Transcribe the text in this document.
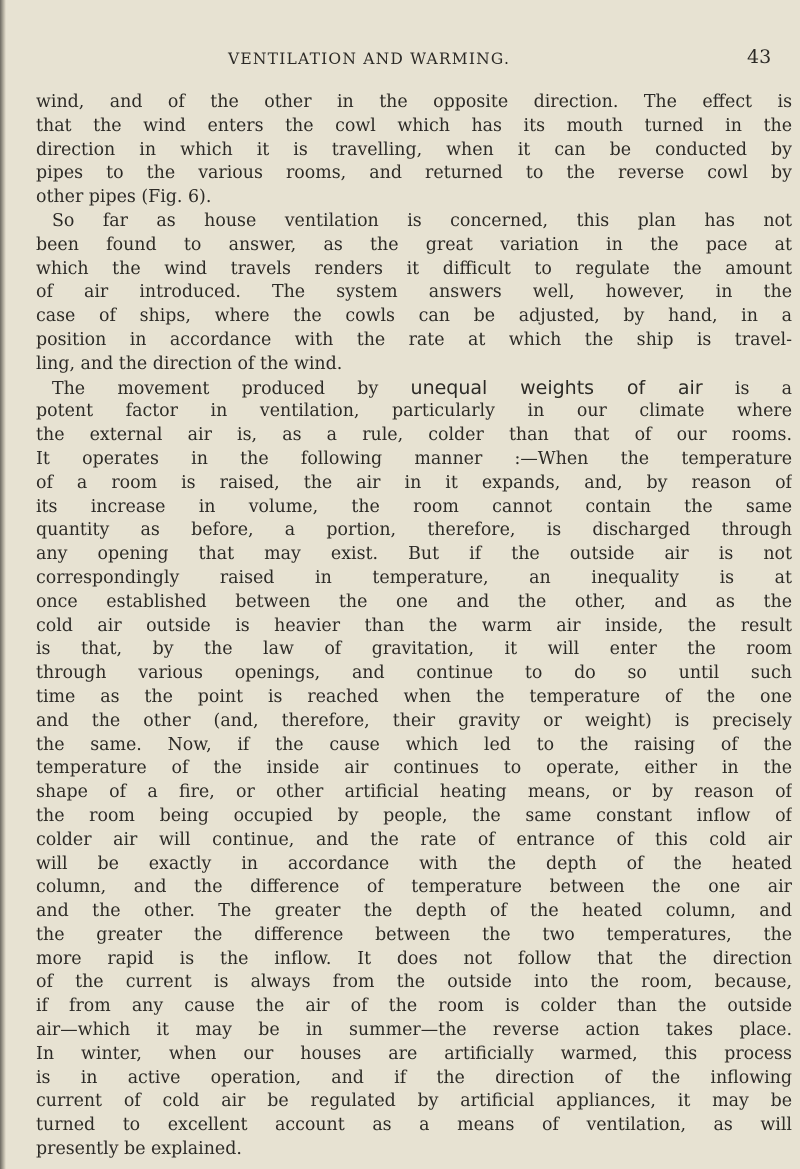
VENTILATION AND WARMING.	43
wind, and of the other in the opposite direction. The effect is
that the wind enters the cowl which has its mouth turned in the
direction in which it is travelling, when it can be conducted by
pipes to the various rooms, and returned to the reverse cowl by
other pipes (Fig. 6).
So far as house ventilation is concerned, this plan has not
been found to answer, as the great variation in the pace at
which the wind travels renders it difficult to regulate the amount
of air introduced. The system answers well, however, in the
case of ships, where the cowls can be adjusted, by hand, in a
position in accordance with the rate at which the ship is travel-
ling, and the direction of the wind.
The movement produced by unequal weights of air is a
potent factor in ventilation, particularly in our climate where
the external air is, as a rule, colder than that of our rooms.
It operates in the following manner :—When the temperature
of a room is raised, the air in it expands, and, by reason of
its increase in volume, the room cannot contain the same
quantity as before, a portion, therefore, is discharged through
any opening that may exist. But if the outside air is not
correspondingly raised in temperature, an inequality is at
once established between the one and the other, and as the
cold air outside is heavier than the warm air inside, the result
is that, by the law of gravitation, it will enter the room
through various openings, and continue to do so until such
time as the point is reached when the temperature of the one
and the other (and, therefore, their gravity or weight) is precisely
the same. Now, if the cause which led to the raising of the
temperature of the inside air continues to operate, either in the
shape of a fire, or other artificial heating means, or by reason of
the room being occupied by people, the same constant inflow of
colder air will continue, and the rate of entrance of this cold air
will be exactly in accordance with the depth of the heated
column, and the difference of temperature between the one air
and the other. The greater the depth of the heated column, and
the greater the difference between the two temperatures, the
more rapid is the inflow. It does not follow that the direction
of the current is always from the outside into the room, because,
if from any cause the air of the room is colder than the outside
air—which it may be in summer—the reverse action takes place.
In winter, when our houses are artificially warmed, this process
is in active operation, and if the direction of the inflowing
current of cold air be regulated by artificial appliances, it may be
turned to excellent account as a means of ventilation, as will
presently be explained.
